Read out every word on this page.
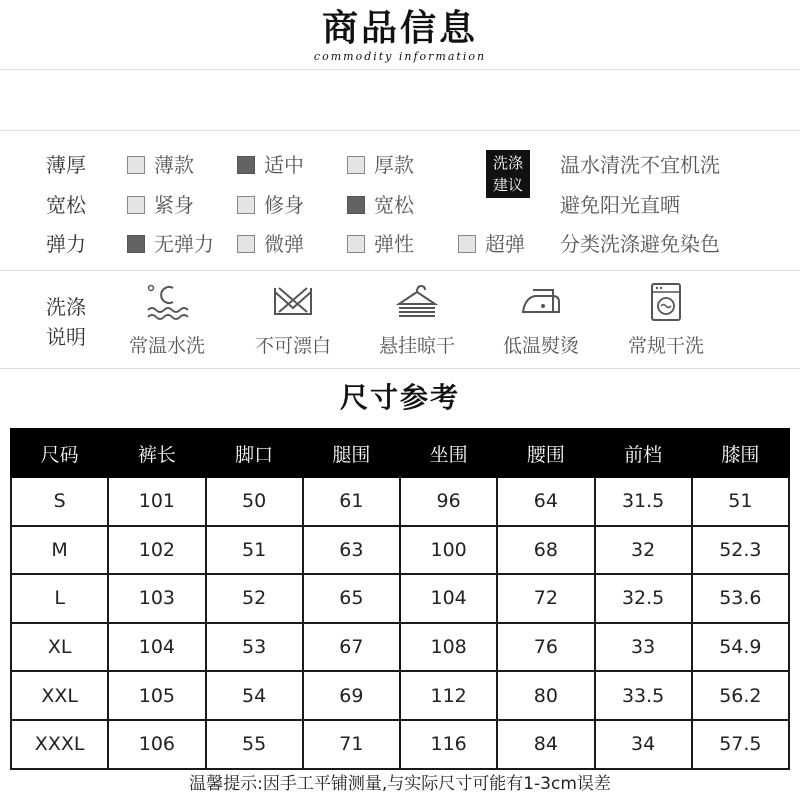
商品信息
commodity information
薄厚	薄款	适中	厚款
宽松	紧身	修身	宽松
弹力	无弹力	微弹	弹性	超弹
洗涤
建议
温水清洗不宜机洗
避免阳光直晒
分类洗涤避免染色
洗涤
说明	常温水洗	不可漂白	悬挂晾干	低温熨烫	常规干洗
尺寸参考
尺码	裤长	脚口	腿围	坐围	腰围	前档	膝围
S	101	50	61	96	64	31.5	51
M	102	51	63	100	68	32	52.3
L	103	52	65	104	72	32.5	53.6
XL	104	53	67	108	76	33	54.9
XXL	105	54	69	112	80	33.5	56.2
XXXL	106	55	71	116	84	34	57.5
温馨提示:因手工平铺测量,与实际尺寸可能有1-3cm误差
